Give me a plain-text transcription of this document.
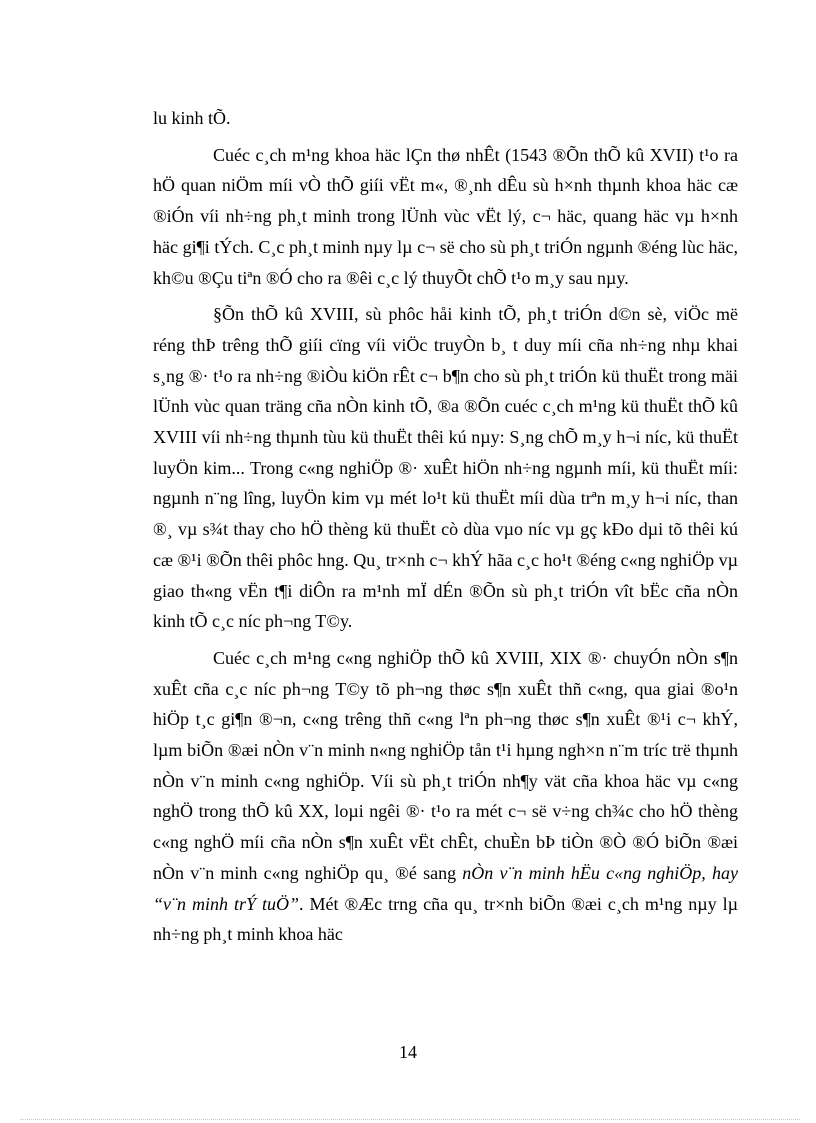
lu kinh tÕ.

Cuéc c¸ch m¹ng khoa häc lÇn thø nhÊt (1543 ®Õn thÕ kû XVII) t¹o ra hÖ quan niÖm míi vÒ thÕ giíi vËt m«, ®¸nh dÊu sù h×nh thµnh khoa häc cæ ®iÓn víi nh÷ng ph¸t minh trong lÜnh vùc vËt lý, c¬ häc, quang häc vµ h×nh häc gi¶i tÝch. C¸c ph¸t minh nµy lµ c¬ së cho sù ph¸t triÓn ngµnh ®éng lùc häc, kh©u ®Çu tiªn ®Ó cho ra ®êi c¸c lý thuyÕt chÕ t¹o m¸y sau nµy.

§Õn thÕ kû XVIII, sù phôc håi kinh tÕ, ph¸t triÓn d©n sè, viÖc më réng thÞ trêng thÕ giíi cïng víi viÖc truyÒn b¸ t duy míi cña nh÷ng nhµ khai s¸ng ®· t¹o ra nh÷ng ®iÒu kiÖn rÊt c¬ b¶n cho sù ph¸t triÓn kü thuËt trong mäi lÜnh vùc quan träng cña nÒn kinh tÕ, ®a ®Õn cuéc c¸ch m¹ng kü thuËt thÕ kû XVIII víi nh÷ng thµnh tùu kü thuËt thêi kú nµy: S¸ng chÕ m¸y h¬i níc, kü thuËt luyÖn kim... Trong c«ng nghiÖp ®· xuÊt hiÖn nh÷ng ngµnh míi, kü thuËt míi: ngµnh n¨ng lîng, luyÖn kim vµ mét lo¹t kü thuËt míi dùa trªn m¸y h¬i níc, than ®¸ vµ s¾t thay cho hÖ thèng kü thuËt cò dùa vµo níc vµ gç kÐo dµi tõ thêi kú cæ ®¹i ®Õn thêi phôc hng. Qu¸ tr×nh c¬ khÝ hãa c¸c ho¹t ®éng c«ng nghiÖp vµ giao th«ng vËn t¶i diÔn ra m¹nh mÏ dÉn ®Õn sù ph¸t triÓn vît bËc cña nÒn kinh tÕ c¸c níc ph¬ng T©y.

Cuéc c¸ch m¹ng c«ng nghiÖp thÕ kû XVIII, XIX ®· chuyÓn nÒn s¶n xuÊt cña c¸c níc ph¬ng T©y tõ ph¬ng thøc s¶n xuÊt thñ c«ng, qua giai ®o¹n hiÖp t¸c gi¶n ®¬n, c«ng trêng thñ c«ng lªn ph¬ng thøc s¶n xuÊt ®¹i c¬ khÝ, lµm biÕn ®æi nÒn v¨n minh n«ng nghiÖp tån t¹i hµng ngh×n n¨m tríc trë thµnh nÒn v¨n minh c«ng nghiÖp. Víi sù ph¸t triÓn nh¶y vät cña khoa häc vµ c«ng nghÖ trong thÕ kû XX, loµi ngêi ®· t¹o ra mét c¬ së v÷ng ch¾c cho hÖ thèng c«ng nghÖ míi cña nÒn s¶n xuÊt vËt chÊt, chuÈn bÞ tiÒn ®Ò ®Ó biÕn ®æi nÒn v¨n minh c«ng nghiÖp qu¸ ®é sang nÒn v¨n minh hËu c«ng nghiÖp, hay “v¨n minh trÝ tuÖ”. Mét ®Æc trng cña qu¸ tr×nh biÕn ®æi c¸ch m¹ng nµy lµ nh÷ng ph¸t minh khoa häc

14
